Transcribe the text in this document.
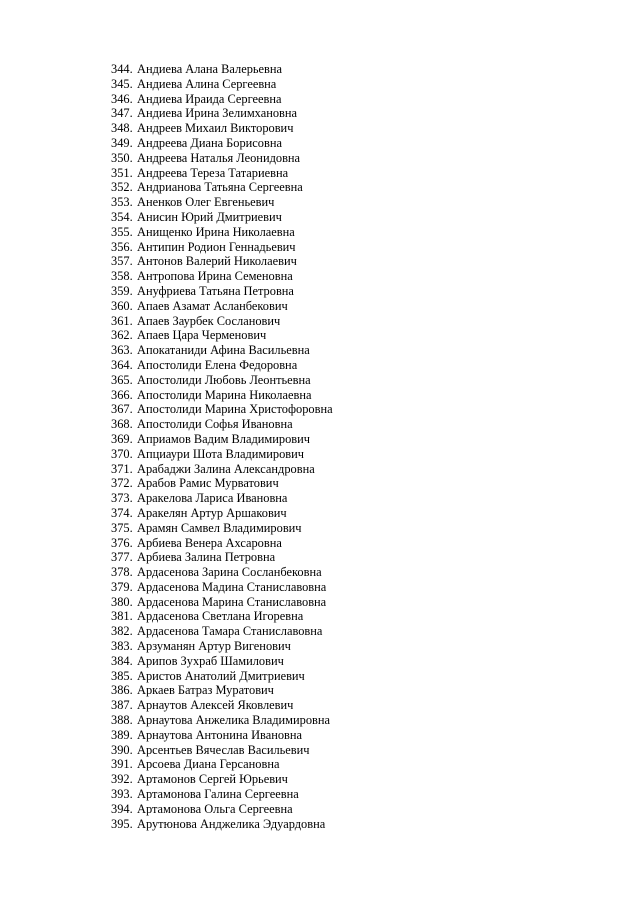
344. Андиева Алана Валерьевна
345. Андиева Алина Сергеевна
346. Андиева Ираида Сергеевна
347. Андиева Ирина Зелимхановна
348. Андреев Михаил Викторович
349. Андреева Диана Борисовна
350. Андреева Наталья Леонидовна
351. Андреева Тереза Татариевна
352. Андрианова Татьяна Сергеевна
353. Аненков Олег Евгеньевич
354. Анисин Юрий Дмитриевич
355. Анищенко Ирина Николаевна
356. Антипин Родион Геннадьевич
357. Антонов Валерий Николаевич
358. Антропова Ирина Семеновна
359. Ануфриева Татьяна Петровна
360. Апаев Азамат Асланбекович
361. Апаев Заурбек Сосланович
362. Апаев Цара Черменович
363. Апокатаниди Афина Васильевна
364. Апостолиди Елена Федоровна
365. Апостолиди Любовь Леонтьевна
366. Апостолиди Марина Николаевна
367. Апостолиди Марина Христофоровна
368. Апостолиди Софья Ивановна
369. Априамов Вадим Владимирович
370. Апциаури Шота Владимирович
371. Арабаджи Залина Александровна
372. Арабов Рамис Мурватович
373. Аракелова Лариса Ивановна
374. Аракелян Артур Аршакович
375. Арамян Самвел Владимирович
376. Арбиева Венера Ахсаровна
377. Арбиева Залина Петровна
378. Ардасенова Зарина Сосланбековна
379. Ардасенова Мадина Станиславовна
380. Ардасенова Марина Станиславовна
381. Ардасенова Светлана Игоревна
382. Ардасенова Тамара Станиславовна
383. Арзуманян Артур Вигенович
384. Арипов Зухраб Шамилович
385. Аристов Анатолий Дмитриевич
386. Аркаев Батраз Муратович
387. Арнаутов Алексей Яковлевич
388. Арнаутова Анжелика Владимировна
389. Арнаутова Антонина Ивановна
390. Арсентьев Вячеслав Васильевич
391. Арсоева Диана Герсановна
392. Артамонов Сергей Юрьевич
393. Артамонова Галина Сергеевна
394. Артамонова Ольга Сергеевна
395. Арутюнова Анджелика Эдуардовна
